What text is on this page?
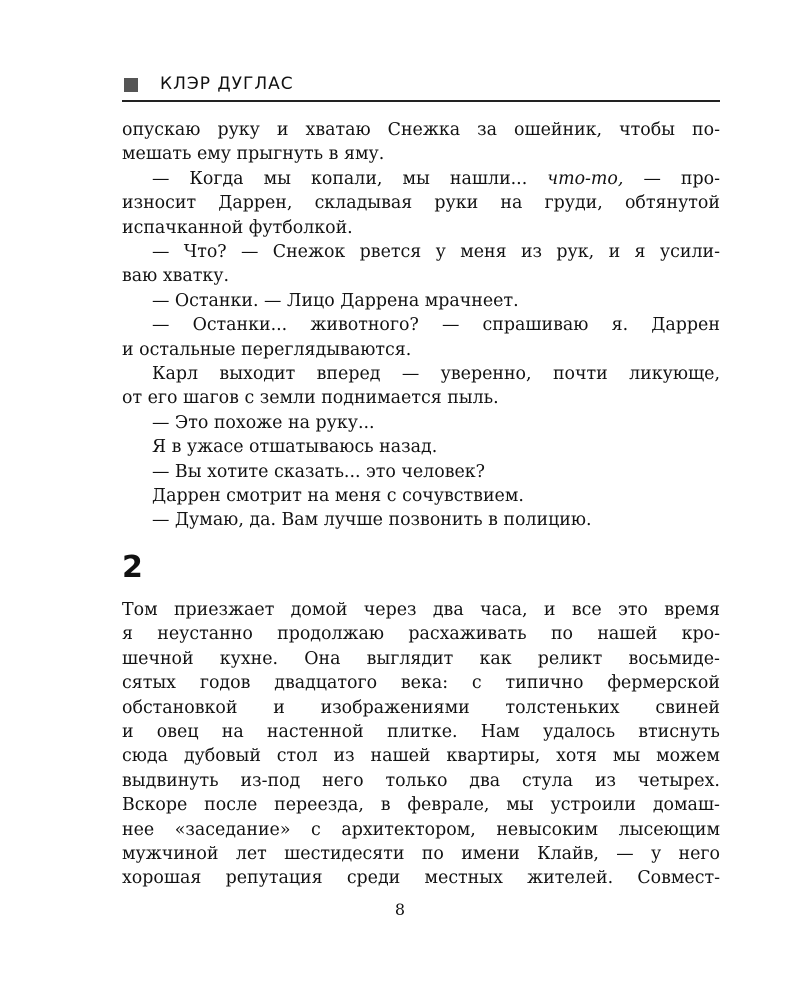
КЛЭР ДУГЛАС
опускаю руку и хватаю Снежка за ошейник, чтобы по-
мешать ему прыгнуть в яму.
— Когда мы копали, мы нашли... что-то, — про-
износит Даррен, складывая руки на груди, обтянутой
испачканной футболкой.
— Что? — Снежок рвется у меня из рук, и я усили-
ваю хватку.
— Останки. — Лицо Даррена мрачнеет.
— Останки... животного? — спрашиваю я. Даррен
и остальные переглядываются.
Карл выходит вперед — уверенно, почти ликующе,
от его шагов с земли поднимается пыль.
— Это похоже на руку...
Я в ужасе отшатываюсь назад.
— Вы хотите сказать... это человек?
Даррен смотрит на меня с сочувствием.
— Думаю, да. Вам лучше позвонить в полицию.
2
Том приезжает домой через два часа, и все это время
я неустанно продолжаю расхаживать по нашей кро-
шечной кухне. Она выглядит как реликт восьмиде-
сятых годов двадцатого века: с типично фермерской
обстановкой и изображениями толстеньких свиней
и овец на настенной плитке. Нам удалось втиснуть
сюда дубовый стол из нашей квартиры, хотя мы можем
выдвинуть из-под него только два стула из четырех.
Вскоре после переезда, в феврале, мы устроили домаш-
нее «заседание» с архитектором, невысоким лысеющим
мужчиной лет шестидесяти по имени Клайв, — у него
хорошая репутация среди местных жителей. Совмест-
8
